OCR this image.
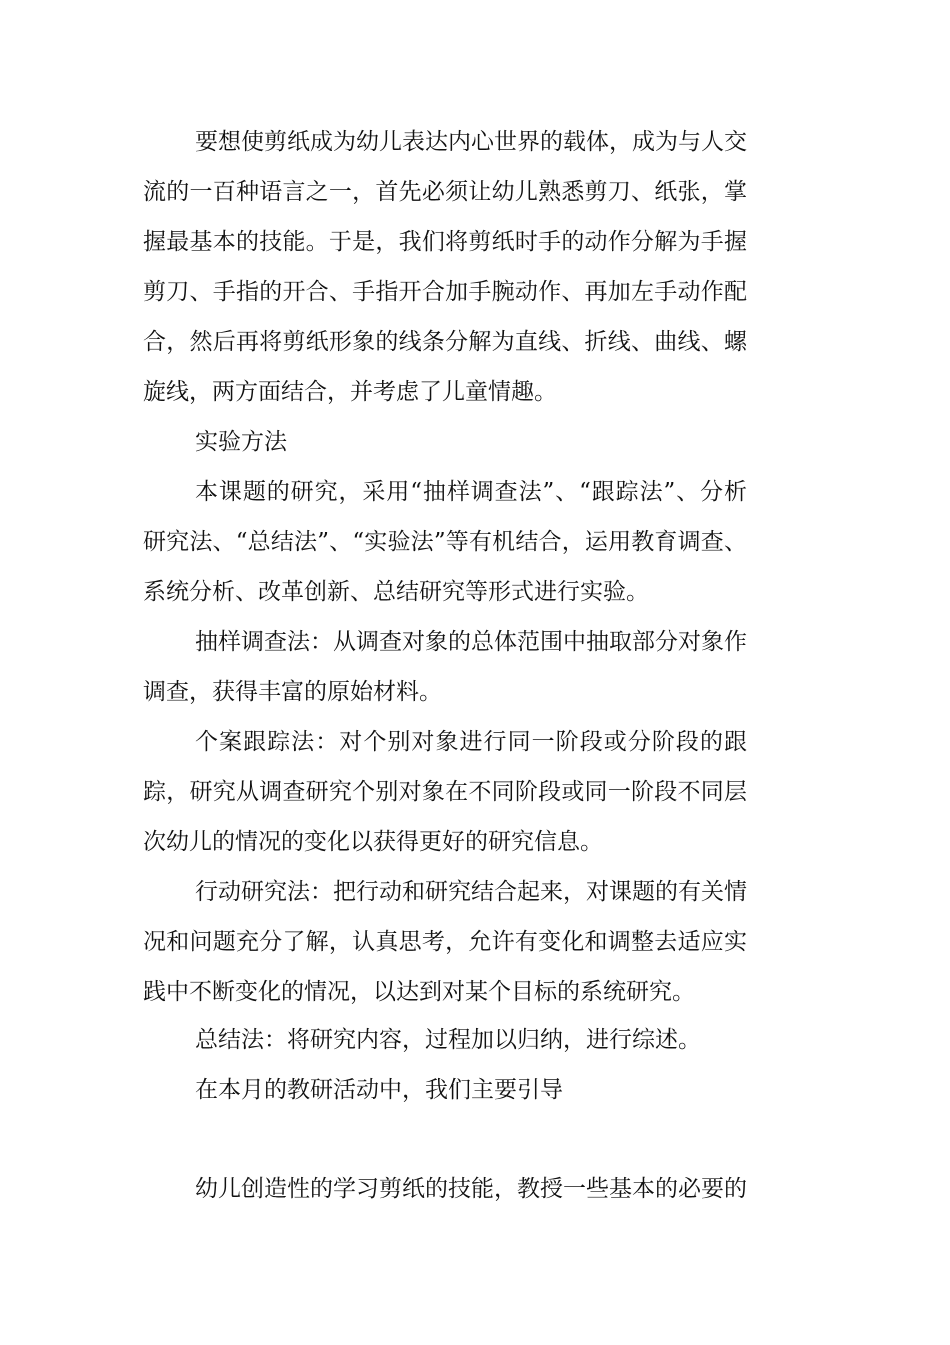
要想使剪纸成为幼儿表达内心世界的载体，成为与人交流的一百种语言之一，首先必须让幼儿熟悉剪刀、纸张，掌握最基本的技能。于是，我们将剪纸时手的动作分解为手握剪刀、手指的开合、手指开合加手腕动作、再加左手动作配合，然后再将剪纸形象的线条分解为直线、折线、曲线、螺旋线，两方面结合，并考虑了儿童情趣。

实验方法

本课题的研究，采用“抽样调查法”、“跟踪法”、分析研究法、“总结法”、“实验法”等有机结合，运用教育调查、系统分析、改革创新、总结研究等形式进行实验。

抽样调查法：从调查对象的总体范围中抽取部分对象作调查，获得丰富的原始材料。

个案跟踪法：对个别对象进行同一阶段或分阶段的跟踪，研究从调查研究个别对象在不同阶段或同一阶段不同层次幼儿的情况的变化以获得更好的研究信息。

行动研究法：把行动和研究结合起来，对课题的有关情况和问题充分了解，认真思考，允许有变化和调整去适应实践中不断变化的情况，以达到对某个目标的系统研究。

总结法：将研究内容，过程加以归纳，进行综述。

在本月的教研活动中，我们主要引导

幼儿创造性的学习剪纸的技能，教授一些基本的必要的
